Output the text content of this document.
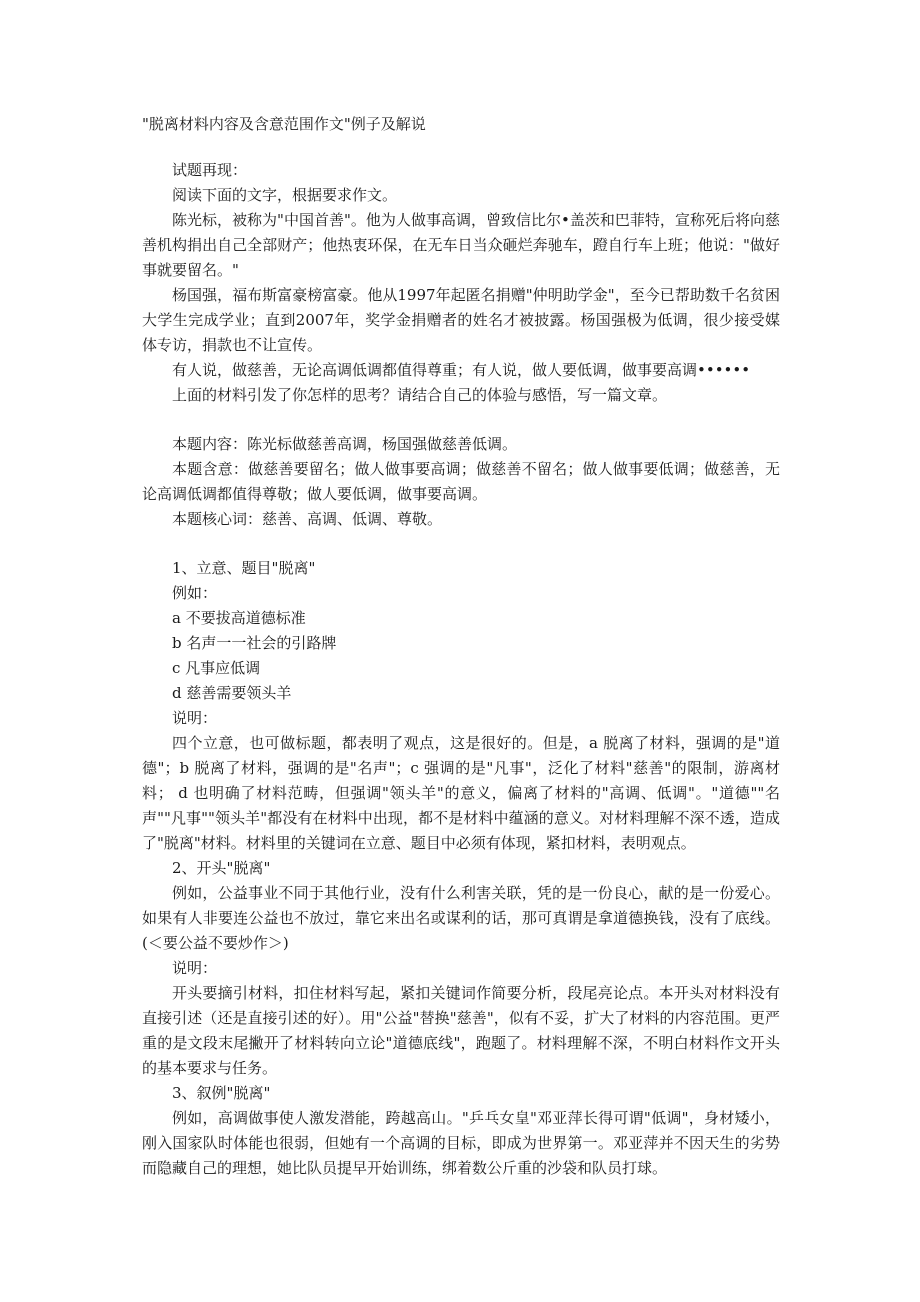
"脱离材料内容及含意范围作文"例子及解说

试题再现：

阅读下面的文字，根据要求作文。

陈光标，被称为"中国首善"。他为人做事高调，曾致信比尔•盖茨和巴菲特，宣称死后将向慈善机构捐出自己全部财产；他热衷环保，在无车日当众砸烂奔驰车，蹬自行车上班；他说："做好事就要留名。"

杨国强，福布斯富豪榜富豪。他从1997年起匿名捐赠"仲明助学金"，至今已帮助数千名贫困大学生完成学业；直到2007年，奖学金捐赠者的姓名才被披露。杨国强极为低调，很少接受媒体专访，捐款也不让宣传。

有人说，做慈善，无论高调低调都值得尊重；有人说，做人要低调，做事要高调••••••

上面的材料引发了你怎样的思考？请结合自己的体验与感悟，写一篇文章。

本题内容：陈光标做慈善高调，杨国强做慈善低调。

本题含意：做慈善要留名；做人做事要高调；做慈善不留名；做人做事要低调；做慈善，无论高调低调都值得尊敬；做人要低调，做事要高调。

本题核心词：慈善、高调、低调、尊敬。

1、立意、题目"脱离"

例如：

a 不要拔高道德标准

b 名声一一社会的引路牌

c 凡事应低调

d 慈善需要领头羊

说明：

四个立意，也可做标题，都表明了观点，这是很好的。但是，a 脱离了材料，强调的是"道德"；b 脱离了材料，强调的是"名声"；c 强调的是"凡事"，泛化了材料"慈善"的限制，游离材料； d 也明确了材料范畴，但强调"领头羊"的意义，偏离了材料的"高调、低调"。"道德""名声""凡事""领头羊"都没有在材料中出现，都不是材料中蕴涵的意义。对材料理解不深不透，造成了"脱离"材料。材料里的关键词在立意、题目中必须有体现，紧扣材料，表明观点。

2、开头"脱离"

例如，公益事业不同于其他行业，没有什么利害关联，凭的是一份良心，献的是一份爱心。如果有人非要连公益也不放过，靠它来出名或谋利的话，那可真谓是拿道德换钱，没有了底线。(＜要公益不要炒作＞)

说明：

开头要摘引材料，扣住材料写起，紧扣关键词作简要分析，段尾亮论点。本开头对材料没有直接引述（还是直接引述的好）。用"公益"替换"慈善"，似有不妥，扩大了材料的内容范围。更严重的是文段末尾撇开了材料转向立论"道德底线"，跑题了。材料理解不深，不明白材料作文开头的基本要求与任务。

3、叙例"脱离"

例如，高调做事使人激发潜能，跨越高山。"乒乓女皇"邓亚萍长得可谓"低调"，身材矮小，刚入国家队时体能也很弱，但她有一个高调的目标，即成为世界第一。邓亚萍并不因天生的劣势而隐藏自己的理想，她比队员提早开始训练，绑着数公斤重的沙袋和队员打球。
